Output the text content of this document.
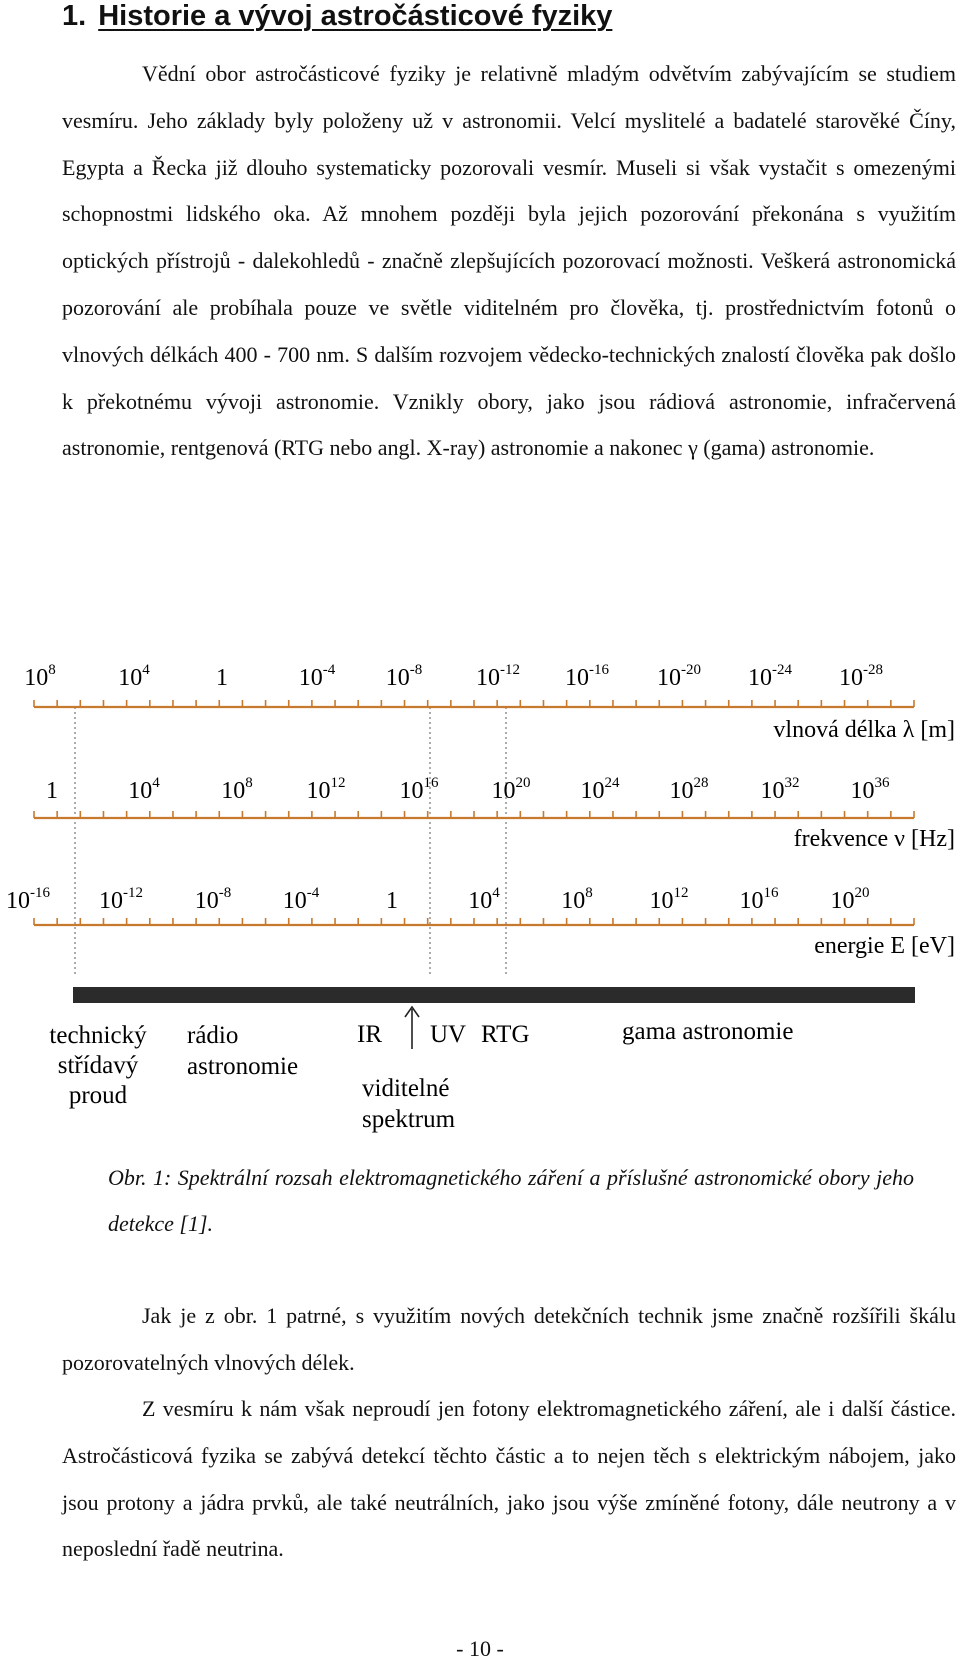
1. Historie a vývoj astročásticové fyziky

Vědní obor astročásticové fyziky je relativně mladým odvětvím zabývajícím se studiem vesmíru. Jeho základy byly položeny už v astronomii. Velcí myslitelé a badatelé starověké Číny, Egypta a Řecka již dlouho systematicky pozorovali vesmír. Museli si však vystačit s omezenými schopnostmi lidského oka. Až mnohem později byla jejich pozorování překonána s využitím optických přístrojů - dalekohledů - značně zlepšujících pozorovací možnosti. Veškerá astronomická pozorování ale probíhala pouze ve světle viditelném pro člověka, tj. prostřednictvím fotonů o vlnových délkách 400 - 700 nm. S dalším rozvojem vědecko-technických znalostí člověka pak došlo k překotnému vývoji astronomie. Vznikly obory, jako jsou rádiová astronomie, infračervená astronomie, rentgenová (RTG nebo angl. X-ray) astronomie a nakonec γ (gama) astronomie.

$10^8$	$10^4$	1	$10^{-4}$ $10^{-8}$ $10^{-12}$ $10^{-16}$ $10^{-20}$ $10^{-24}$ $10^{-28}$
vlnová délka λ [m]
1	$10^4$	$10^8$ $10^{12}$ $10^{16}$ $10^{20}$ $10^{24}$ $10^{28}$ $10^{32}$ $10^{36}$
frekvence ν [Hz]
$10^{-16}$ $10^{-12}$ $10^{-8}$ $10^{-4}$	1	$10^4$	$10^8$ $10^{12}$ $10^{16}$ $10^{20}$
energie E [eV]
technický
střídavý
proud
rádio
astronomie
IR UV RTG	gama astronomie
viditelné
spektrum

Obr. 1: Spektrální rozsah elektromagnetického záření a příslušné astronomické obory jeho detekce [1].

Jak je z obr. 1 patrné, s využitím nových detekčních technik jsme značně rozšířili škálu pozorovatelných vlnových délek.

Z vesmíru k nám však neproudí jen fotony elektromagnetického záření, ale i další částice. Astročásticová fyzika se zabývá detekcí těchto částic a to nejen těch s elektrickým nábojem, jako jsou protony a jádra prvků, ale také neutrálních, jako jsou výše zmíněné fotony, dále neutrony a v neposlední řadě neutrina.

- 10 -
